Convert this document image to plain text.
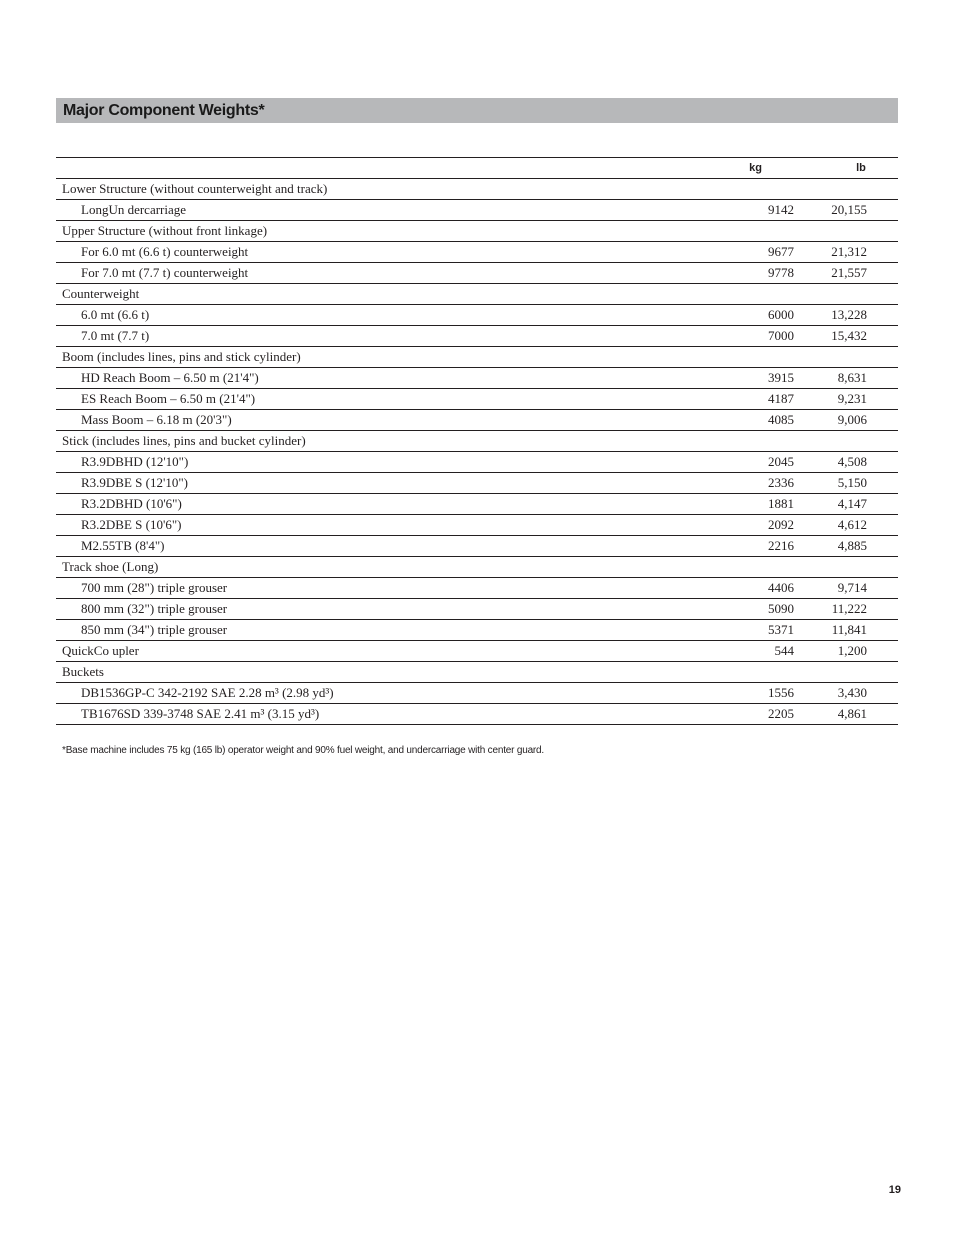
Major Component Weights*
	kg	lb
Lower Structure (without counterweight and track)		
LongUn dercarriage	9142	20,155
Upper Structure (without front linkage)		
For 6.0 mt (6.6 t) counterweight	9677	21,312
For 7.0 mt (7.7 t) counterweight	9778	21,557
Counterweight		
6.0 mt (6.6 t)	6000	13,228
7.0 mt (7.7 t)	7000	15,432
Boom (includes lines, pins and stick cylinder)		
HD Reach Boom – 6.50 m (21'4")	3915	8,631
ES Reach Boom – 6.50 m (21'4")	4187	9,231
Mass Boom – 6.18 m (20'3")	4085	9,006
Stick (includes lines, pins and bucket cylinder)		
R3.9DBHD (12'10")	2045	4,508
R3.9DBE S (12'10")	2336	5,150
R3.2DBHD (10'6")	1881	4,147
R3.2DBE S (10'6")	2092	4,612
M2.55TB (8'4")	2216	4,885
Track shoe (Long)		
700 mm (28") triple grouser	4406	9,714
800 mm (32") triple grouser	5090	11,222
850 mm (34") triple grouser	5371	11,841
QuickCo upler	544	1,200
Buckets		
DB1536GP-C 342-2192 SAE 2.28 m³ (2.98 yd³)	1556	3,430
TB1676SD 339-3748 SAE 2.41 m³ (3.15 yd³)	2205	4,861
*Base machine includes 75 kg (165 lb) operator weight and 90% fuel weight, and undercarriage with center guard.
19
